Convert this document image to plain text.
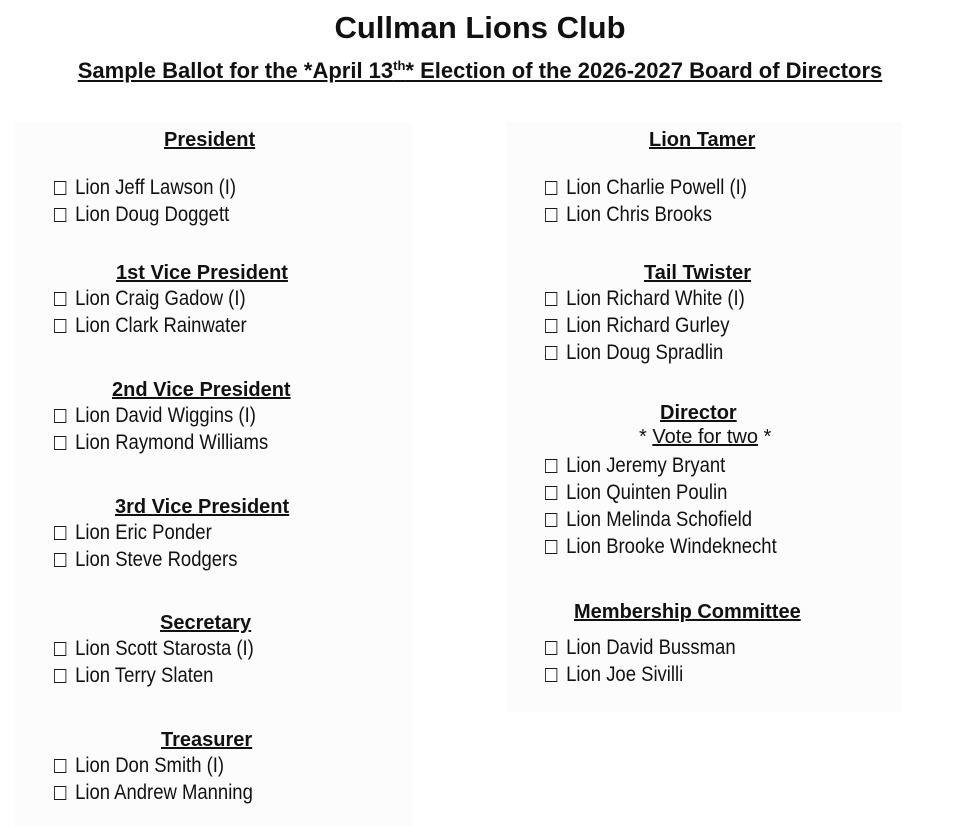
Cullman Lions Club
Sample Ballot for the *April 13th* Election of the 2026-2027 Board of Directors
President
Lion Jeff Lawson (I)
Lion Doug Doggett
1st Vice President
Lion Craig Gadow (I)
Lion Clark Rainwater
2nd Vice President
Lion David Wiggins (I)
Lion Raymond Williams
3rd Vice President
Lion Eric Ponder
Lion Steve Rodgers
Secretary
Lion Scott Starosta (I)
Lion Terry Slaten
Treasurer
Lion Don Smith (I)
Lion Andrew Manning
Lion Tamer
Lion Charlie Powell (I)
Lion Chris Brooks
Tail Twister
Lion Richard White (I)
Lion Richard Gurley
Lion Doug Spradlin
Director
* Vote for two *
Lion Jeremy Bryant
Lion Quinten Poulin
Lion Melinda Schofield
Lion Brooke Windeknecht
Membership Committee
Lion David Bussman
Lion Joe Sivilli
